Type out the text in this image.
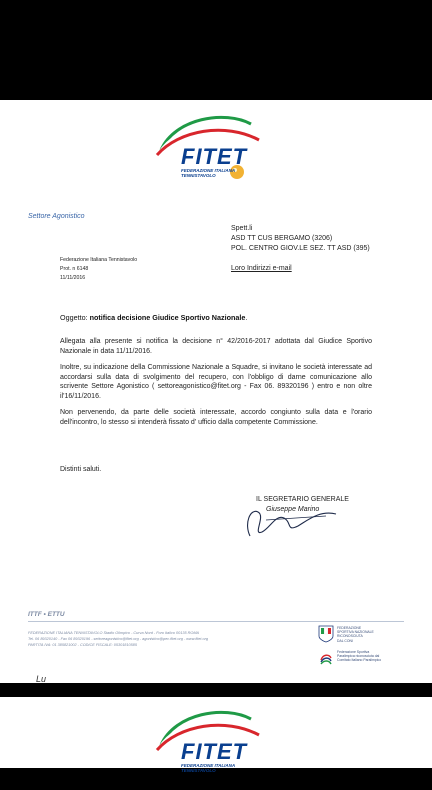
FITET
FEDERAZIONE ITALIANA
TENNISTAVOLO
Settore Agonistico
Spett.li
ASD TT CUS BERGAMO (3206)
POL. CENTRO GIOV.LE SEZ. TT ASD (395)
Loro Indirizzi e-mail
Federazione Italiana Tennistavolo
Prot. n 6148
11/11/2016
Oggetto: notifica decisione Giudice Sportivo Nazionale.

Allegata alla presente si notifica la decisione n° 42/2016-2017 adottata dal Giudice Sportivo Nazionale in data 11/11/2016.

Inoltre, su indicazione della Commissione Nazionale a Squadre, si invitano le società interessate ad accordarsi sulla data di svolgimento del recupero, con l'obbligo di darne comunicazione allo scrivente Settore Agonistico ( settoreagonistico@fitet.org - Fax 06. 89320196 ) entro e non oltre il'16/11/2016.

Non pervenendo, da parte delle società interessate, accordo congiunto sulla data e l'orario dell'incontro, lo stesso si intenderà fissato d' ufficio dalla competente Commissione.

Distinti saluti.
IL SEGRETARIO GENERALE
Giuseppe Marino
ITTF • ETTU
FEDERAZIONE ITALIANA TENNISTAVOLO Stadio Olimpico - Curva Nord - Foro Italico 00135 ROMA
Tel. 06 89320140 - Fax 06 89320196 - settoreagonistico@fitet.org - agonistico@pec.fitet.org - www.fitet.org
PARTITA IVA: 01 385821002 - CODICE FISCALE: 05301810585
FEDERAZIONE
SPORTIVA NAZIONALE
RICONOSCIUTA
DAL CONI
Federazione Sportiva
Paralimpica riconosciuta dal
Comitato Italiano Paralimpico
Lu
FITET
FEDERAZIONE ITALIANA
TENNISTAVOLO
